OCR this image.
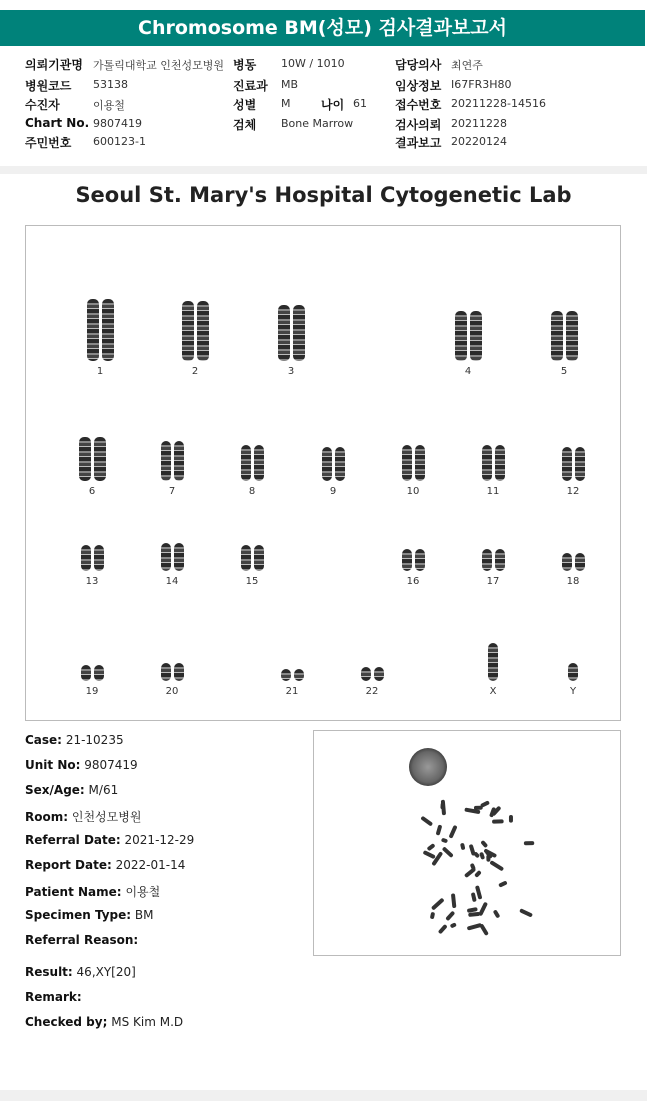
Chromosome BM(성모) 검사결과보고서
의뢰기관명 가톨릭대학교 인천성모병원 병동 10W / 1010	담당의사 최연주
병원코드 53138	진료과 MB	임상정보 I67FR3H80
수진자	이용철	성별 M	나이 61 접수번호 20211228-14516
Chart No. 9807419	검체 Bone Marrow	검사의뢰 20211228
주민번호 600123-1	결과보고 20220124
Seoul St. Mary's Hospital Cytogenetic Lab
1	2	3	4	5
6	7	8	9	10	11	12
13	14	15	16	17	18
19	20	21	22	X	Y
Case: 21-10235
Unit No: 9807419
Sex/Age: M/61
Room: 인천성모병원
Referral Date: 2021-12-29
Report Date: 2022-01-14
Patient Name: 이용철
Specimen Type: BM
Referral Reason:
Result: 46,XY[20]
Remark:
Checked by; MS Kim M.D
